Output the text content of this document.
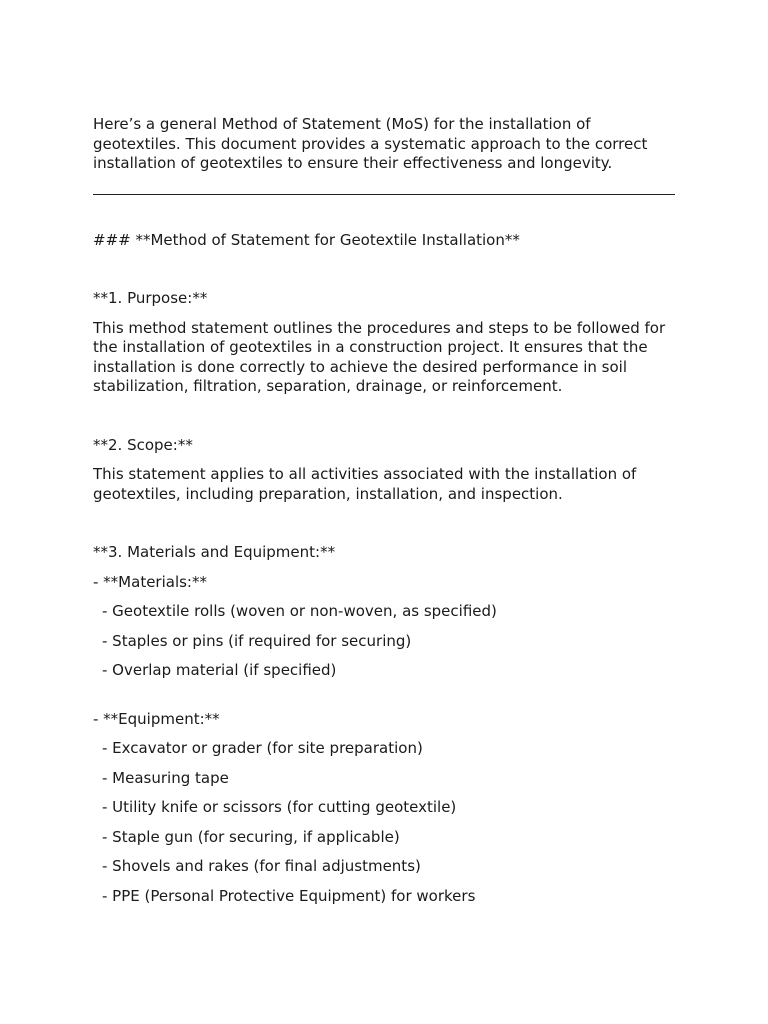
Here’s a general Method of Statement (MoS) for the installation of geotextiles. This document provides a systematic approach to the correct installation of geotextiles to ensure their effectiveness and longevity.

### **Method of Statement for Geotextile Installation**

**1. Purpose:**

This method statement outlines the procedures and steps to be followed for the installation of geotextiles in a construction project. It ensures that the installation is done correctly to achieve the desired performance in soil stabilization, filtration, separation, drainage, or reinforcement.

**2. Scope:**

This statement applies to all activities associated with the installation of geotextiles, including preparation, installation, and inspection.

**3. Materials and Equipment:**

- **Materials:**

- Geotextile rolls (woven or non-woven, as specified)

- Staples or pins (if required for securing)

- Overlap material (if specified)

- **Equipment:**

- Excavator or grader (for site preparation)

- Measuring tape

- Utility knife or scissors (for cutting geotextile)

- Staple gun (for securing, if applicable)

- Shovels and rakes (for final adjustments)

- PPE (Personal Protective Equipment) for workers
